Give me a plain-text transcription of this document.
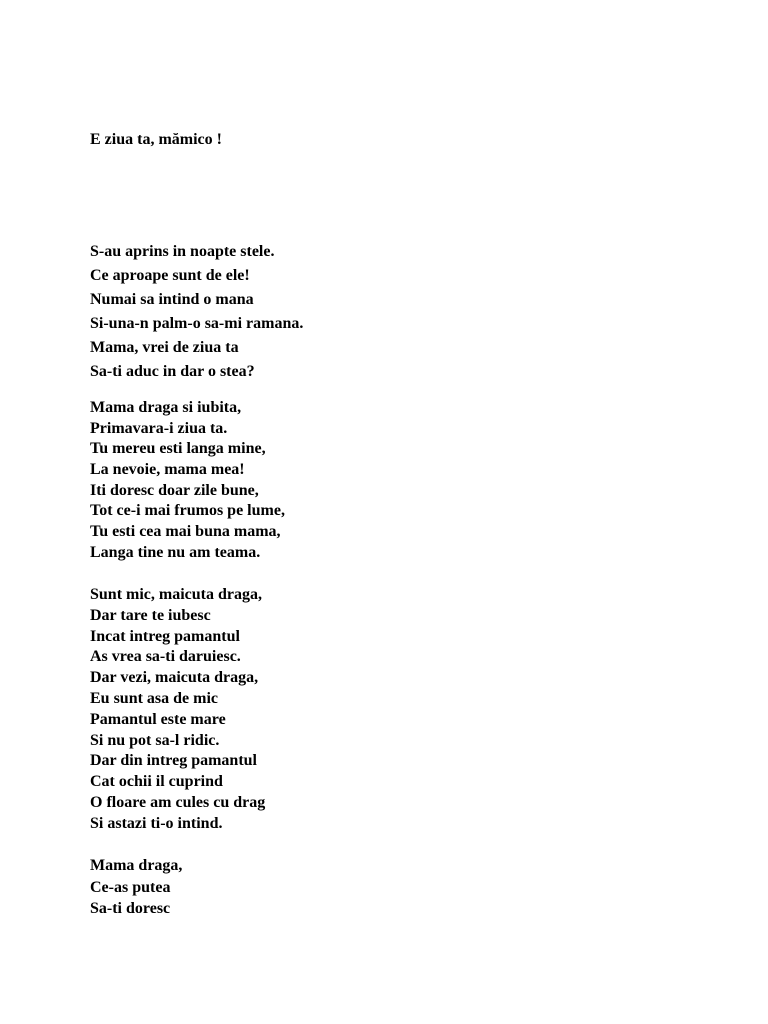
E ziua ta, mămico !
S-au aprins in noapte stele.
Ce aproape sunt de ele!
Numai sa intind o mana
Si-una-n palm-o sa-mi ramana.
Mama, vrei de ziua ta
Sa-ti aduc in dar o stea?
Mama draga si iubita,
Primavara-i ziua ta.
Tu mereu esti langa mine,
La nevoie, mama mea!
Iti doresc doar zile bune,
Tot ce-i mai frumos pe lume,
Tu esti cea mai buna mama,
Langa tine nu am teama.
Sunt mic, maicuta draga,
Dar tare te iubesc
Incat intreg pamantul
As vrea sa-ti daruiesc.
Dar vezi, maicuta draga,
Eu sunt asa de mic
Pamantul este mare
Si nu pot sa-l ridic.
Dar din intreg pamantul
Cat ochii il cuprind
O floare am cules cu drag
Si astazi ti-o intind.
Mama draga,
Ce-as putea
Sa-ti doresc
